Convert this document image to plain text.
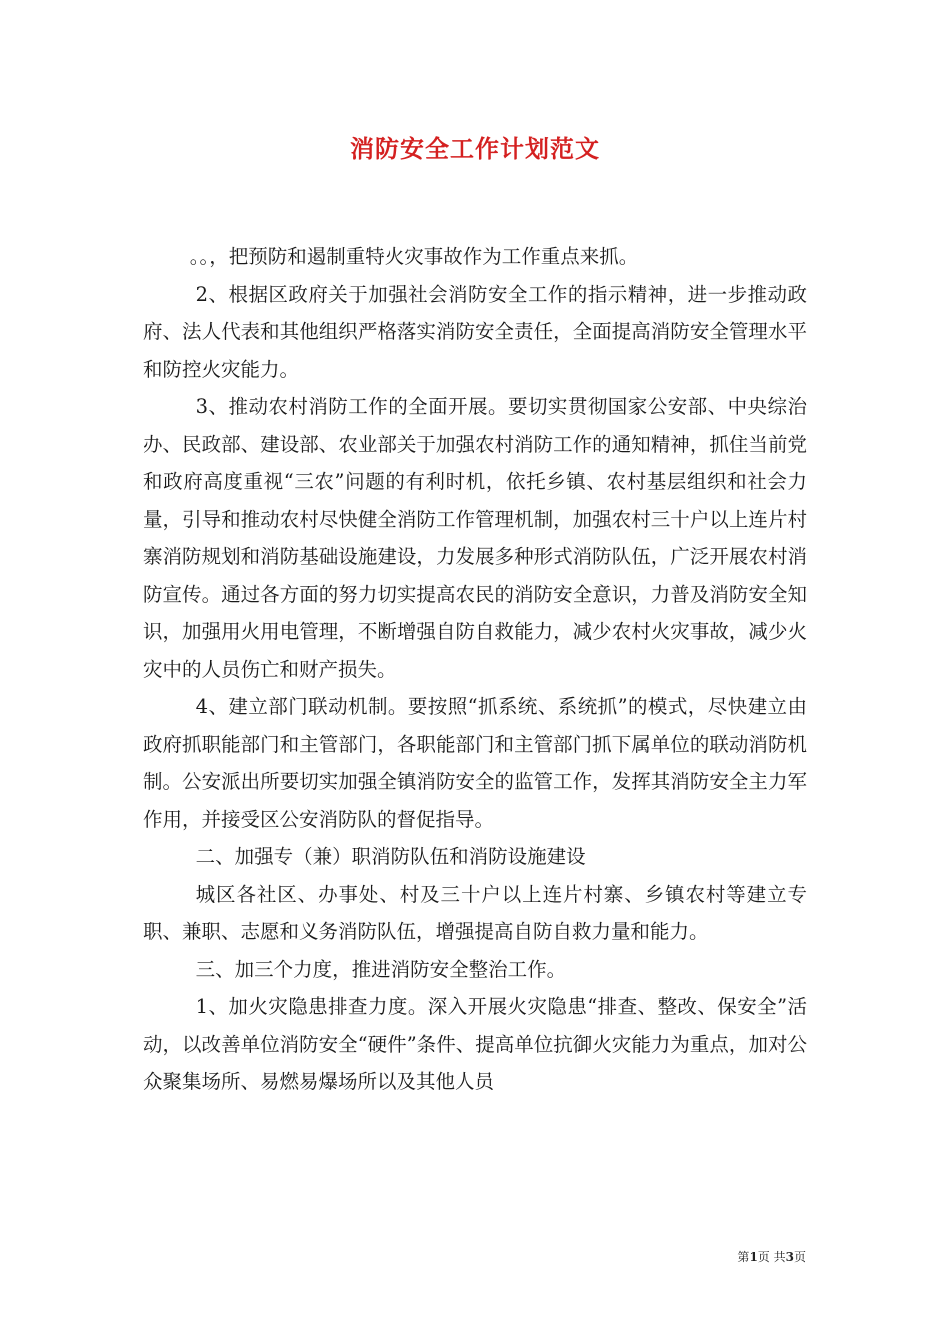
消防安全工作计划范文

。。，把预防和遏制重特火灾事故作为工作重点来抓。

2、根据区政府关于加强社会消防安全工作的指示精神，进一步推动政府、法人代表和其他组织严格落实消防安全责任，全面提高消防安全管理水平和防控火灾能力。

3、推动农村消防工作的全面开展。要切实贯彻国家公安部、中央综治办、民政部、建设部、农业部关于加强农村消防工作的通知精神，抓住当前党和政府高度重视“三农”问题的有利时机，依托乡镇、农村基层组织和社会力量，引导和推动农村尽快健全消防工作管理机制，加强农村三十户以上连片村寨消防规划和消防基础设施建设，力发展多种形式消防队伍，广泛开展农村消防宣传。通过各方面的努力切实提高农民的消防安全意识，力普及消防安全知识，加强用火用电管理，不断增强自防自救能力，减少农村火灾事故，减少火灾中的人员伤亡和财产损失。

4、建立部门联动机制。要按照“抓系统、系统抓”的模式，尽快建立由政府抓职能部门和主管部门，各职能部门和主管部门抓下属单位的联动消防机制。公安派出所要切实加强全镇消防安全的监管工作，发挥其消防安全主力军作用，并接受区公安消防队的督促指导。

二、加强专（兼）职消防队伍和消防设施建设

城区各社区、办事处、村及三十户以上连片村寨、乡镇农村等建立专职、兼职、志愿和义务消防队伍，增强提高自防自救力量和能力。

三、加三个力度，推进消防安全整治工作。

1、加火灾隐患排查力度。深入开展火灾隐患“排查、整改、保安全”活动，以改善单位消防安全“硬件”条件、提高单位抗御火灾能力为重点，加对公众聚集场所、易燃易爆场所以及其他人员

第1页 共3页
